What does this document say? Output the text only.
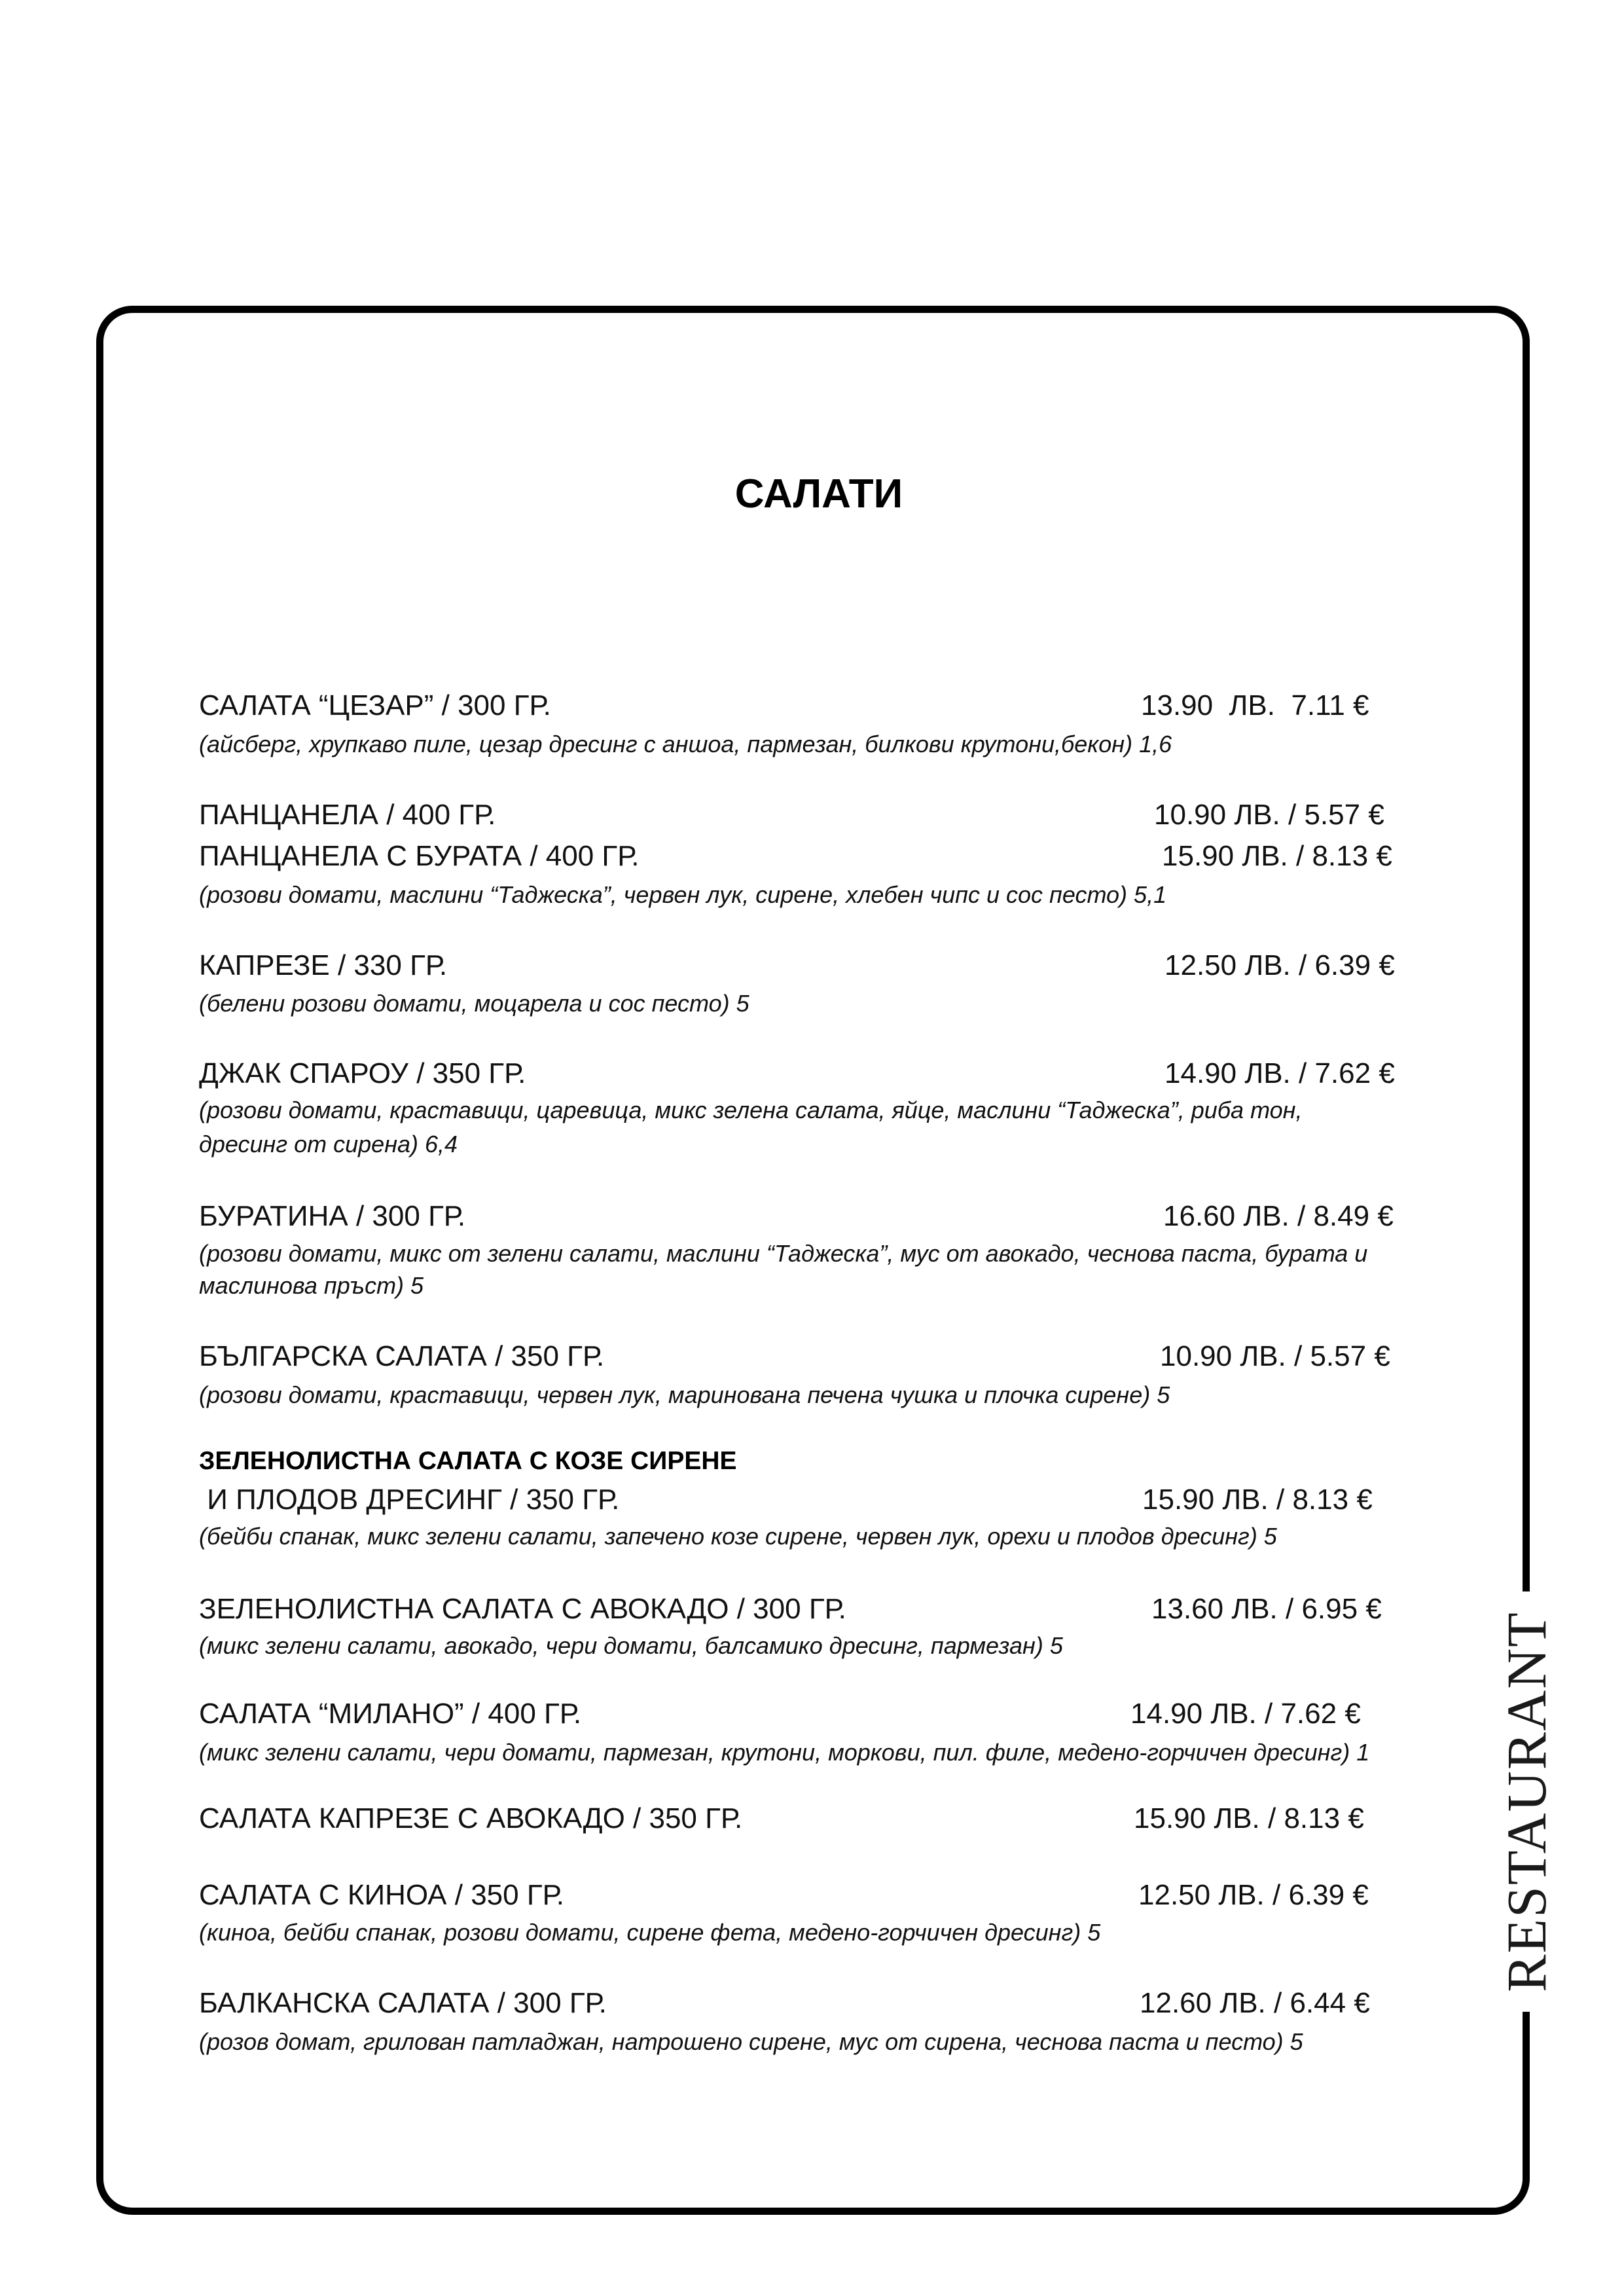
RESTAURANT
САЛАТИ
САЛАТА “ЦЕЗАР” / 300 ГР.	13.90  ЛВ.  7.11 €
(айсберг, хрупкаво пиле, цезар дресинг с аншоа, пармезан, билкови крутони,бекон) 1,6
ПАНЦАНЕЛА / 400 ГР.	10.90 ЛВ. / 5.57 €
ПАНЦАНЕЛА С БУРАТА / 400 ГР.	15.90 ЛВ. / 8.13 €
(розови домати, маслини “Таджеска”, червен лук, сирене, хлебен чипс и сос песто) 5,1
КАПРЕЗЕ / 330 ГР.	12.50 ЛВ. / 6.39 €
(белени розови домати, моцарела и сос песто) 5
ДЖАК СПАРОУ / 350 ГР.	14.90 ЛВ. / 7.62 €
(розови домати, краставици, царевица, микс зелена салата, яйце, маслини “Таджеска”, риба тон,
дресинг от сирена) 6,4
БУРАТИНА / 300 ГР.	16.60 ЛВ. / 8.49 €
(розови домати, микс от зелени салати, маслини “Таджеска”, мус от авокадо, чеснова паста, бурата и
маслинова пръст) 5
БЪЛГАРСКА САЛАТА / 350 ГР.	10.90 ЛВ. / 5.57 €
(розови домати, краставици, червен лук, маринована печена чушка и плочка сирене) 5
ЗЕЛЕНОЛИСТНА САЛАТА С КОЗЕ СИРЕНЕ
И ПЛОДОВ ДРЕСИНГ / 350 ГР.	15.90 ЛВ. / 8.13 €
(бейби спанак, микс зелени салати, запечено козе сирене, червен лук, орехи и плодов дресинг) 5
ЗЕЛЕНОЛИСТНА САЛАТА С АВОКАДО / 300 ГР.	13.60 ЛВ. / 6.95 €
(микс зелени салати, авокадо, чери домати, балсамико дресинг, пармезан) 5
САЛАТА “МИЛАНО” / 400 ГР.	14.90 ЛВ. / 7.62 €
(микс зелени салати, чери домати, пармезан, крутони, моркови, пил. филе, медено-горчичен дресинг) 1
САЛАТА КАПРЕЗЕ С АВОКАДО / 350 ГР.	15.90 ЛВ. / 8.13 €
САЛАТА С КИНОА / 350 ГР.	12.50 ЛВ. / 6.39 €
(киноа, бейби спанак, розови домати, сирене фета, медено-горчичен дресинг) 5
БАЛКАНСКА САЛАТА / 300 ГР.	12.60 ЛВ. / 6.44 €
(розов домат, грилован патладжан, натрошено сирене, мус от сирена, чеснова паста и песто) 5
